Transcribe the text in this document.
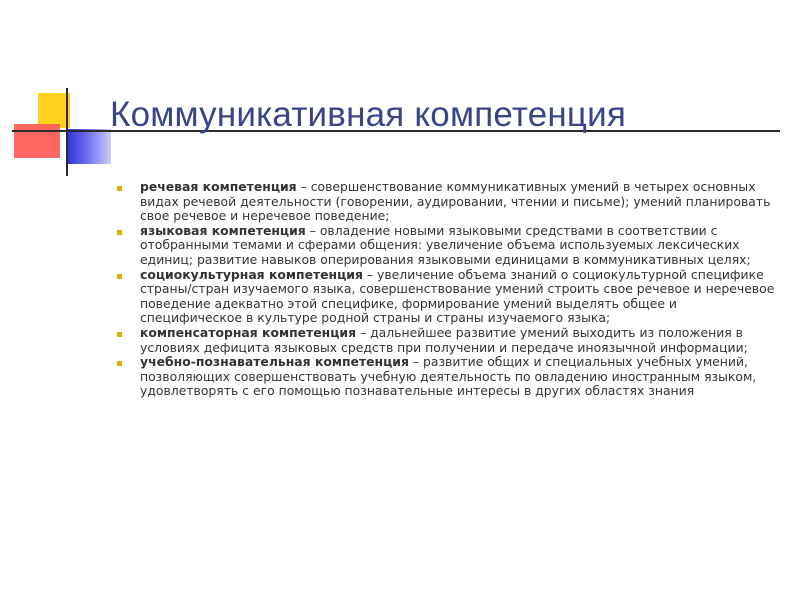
Коммуникативная компетенция
речевая компетенция – совершенствование коммуникативных умений в четырех основных видах речевой деятельности (говорении, аудировании, чтении и письме); умений планировать свое речевое и неречевое поведение;
языковая компетенция – овладение новыми языковыми средствами в соответствии с отобранными темами и сферами общения: увеличение объема используемых лексических единиц; развитие навыков оперирования языковыми единицами в коммуникативных целях;
социокультурная компетенция – увеличение объема знаний о социокультурной специфике страны/стран изучаемого языка, совершенствование умений строить свое речевое и неречевое поведение адекватно этой специфике, формирование умений выделять общее и специфическое в культуре родной страны и страны изучаемого языка;
компенсаторная компетенция – дальнейшее развитие умений выходить из положения в условиях дефицита языковых средств при получении и передаче иноязычной информации;
учебно-познавательная компетенция – развитие общих и специальных учебных умений, позволяющих совершенствовать учебную деятельность по овладению иностранным языком, удовлетворять с его помощью познавательные интересы в других областях знания
